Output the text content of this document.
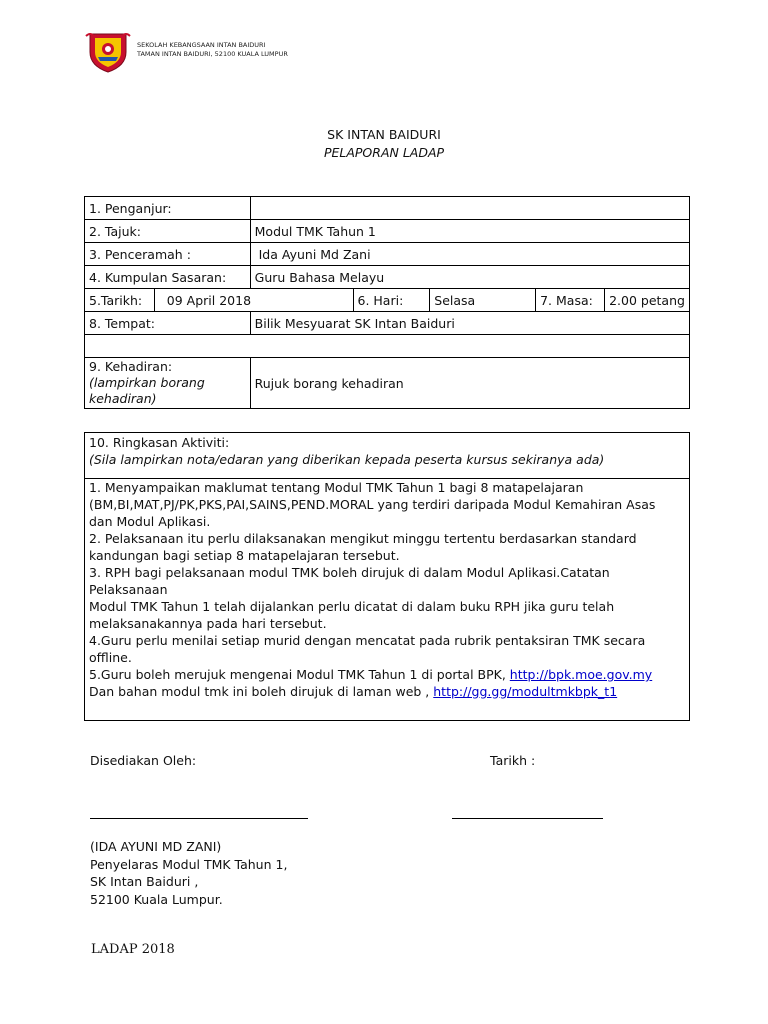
SEKOLAH KEBANGSAAN INTAN BAIDURI
TAMAN INTAN BAIDURI, 52100 KUALA LUMPUR
SK INTAN BAIDURI
PELAPORAN LADAP
1. Penganjur:					
2. Tajuk:		Modul TMK Tahun 1			
3. Penceramah :		Ida Ayuni Md Zani			
4. Kumpulan Sasaran:		Guru Bahasa Melayu			
5.Tarikh:	09 April 2018		6. Hari:	Selasa	7. Masa: 2.00 petang

8. Tempat:		Bilik Mesyuarat SK Intan Baiduri			

9. Kehadiran:
(lampirkan borang
kehadiran)		Rujuk borang kehadiran			
10. Ringkasan Aktiviti:
(Sila lampirkan nota/edaran yang diberikan kepada peserta kursus sekiranya ada)

1. Menyampaikan maklumat tentang Modul TMK Tahun 1 bagi 8 matapelajaran
(BM,BI,MAT,PJ/PK,PKS,PAI,SAINS,PEND.MORAL yang terdiri daripada Modul Kemahiran Asas
dan Modul Aplikasi.
2. Pelaksanaan itu perlu dilaksanakan mengikut minggu tertentu berdasarkan standard
kandungan bagi setiap 8 matapelajaran tersebut.
3. RPH bagi pelaksanaan modul TMK boleh dirujuk di dalam Modul Aplikasi.Catatan Pelaksanaan
Modul TMK Tahun 1 telah dijalankan perlu dicatat di dalam buku RPH jika guru telah
melaksanakannya pada hari tersebut.
4.Guru perlu menilai setiap murid dengan mencatat pada rubrik pentaksiran TMK secara offline.
5.Guru boleh merujuk mengenai Modul TMK Tahun 1 di portal BPK, http://bpk.moe.gov.my
Dan bahan modul tmk ini boleh dirujuk di laman web , http://gg.gg/modultmkbpk_t1
Disediakan Oleh:	Tarikh :
(IDA AYUNI MD ZANI)
Penyelaras Modul TMK Tahun 1,
SK Intan Baiduri ,
52100 Kuala Lumpur.
LADAP 2018
